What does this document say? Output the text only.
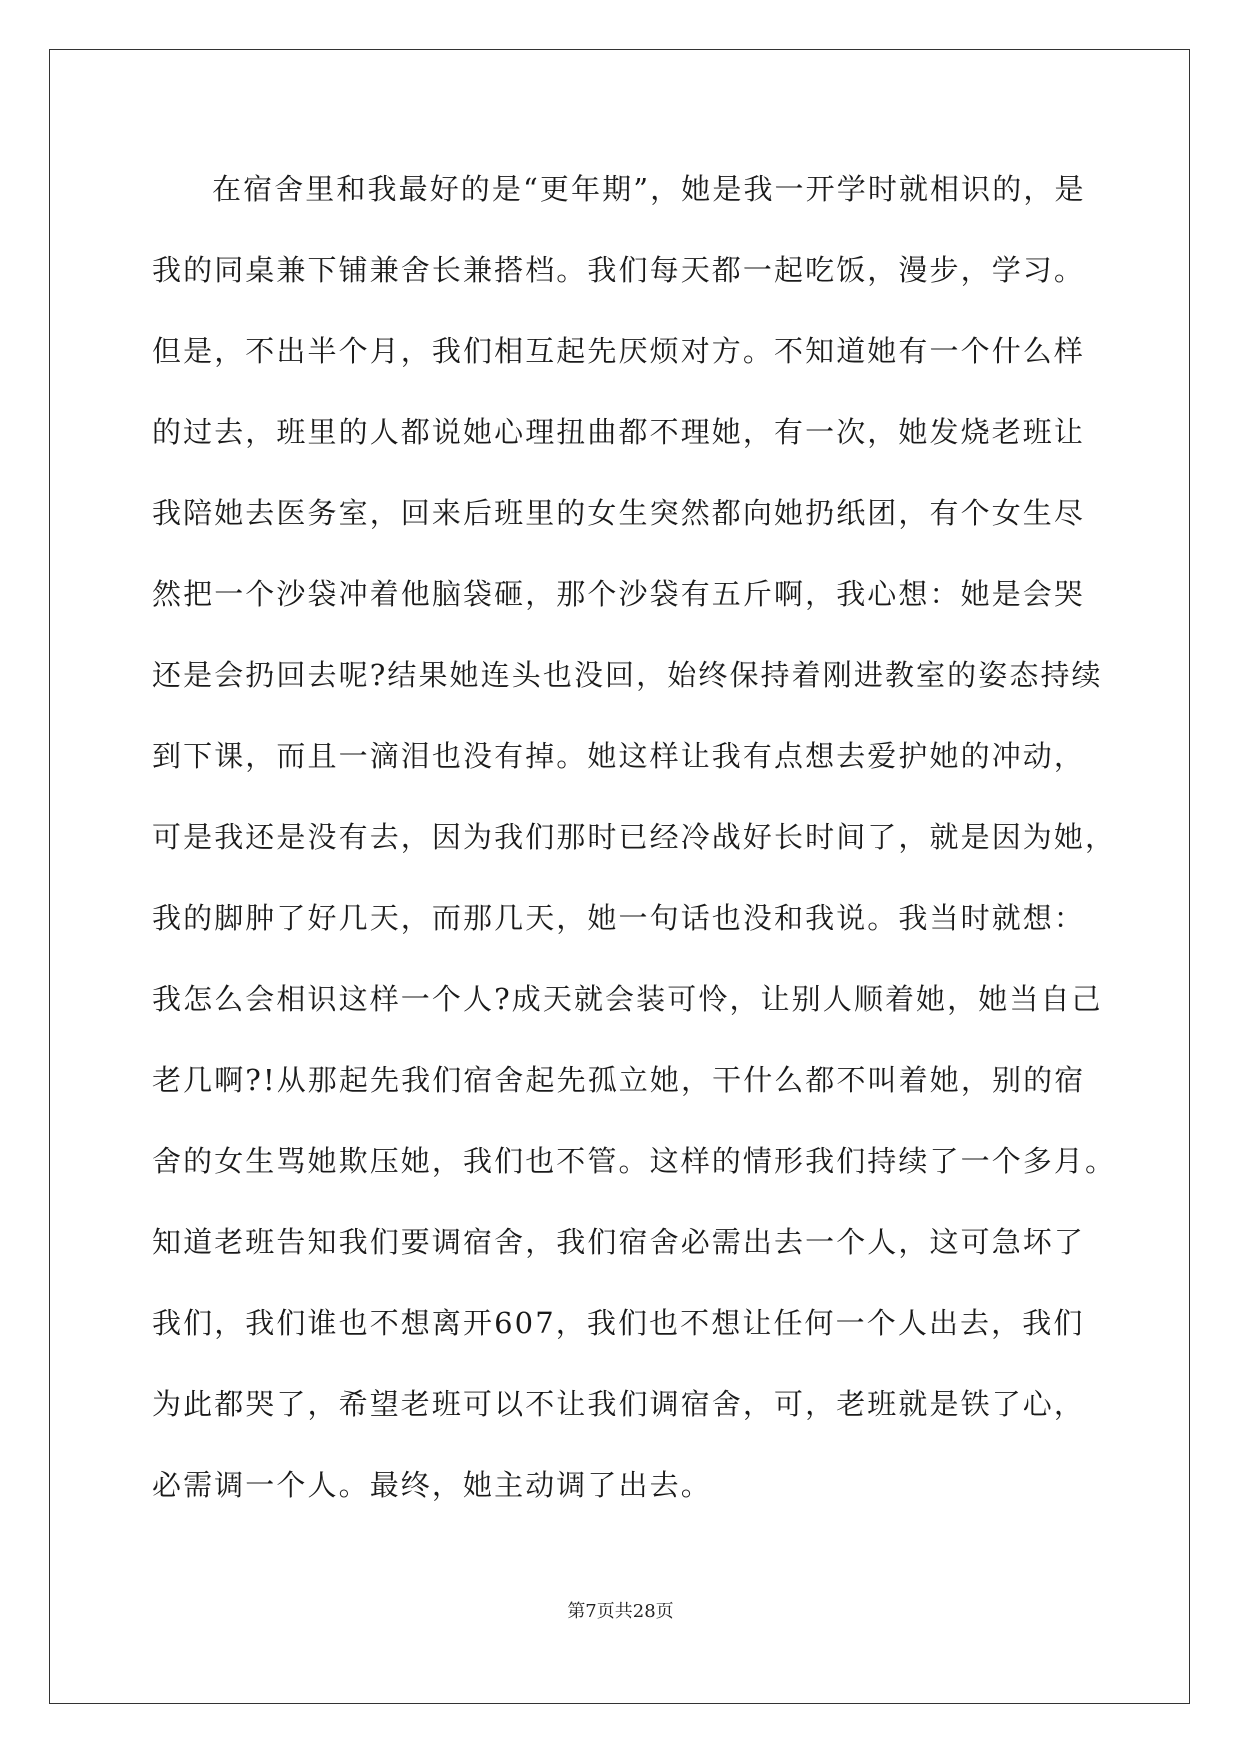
在宿舍里和我最好的是“更年期”，她是我一开学时就相识的，是
我的同桌兼下铺兼舍长兼搭档。我们每天都一起吃饭，漫步，学习。
但是，不出半个月，我们相互起先厌烦对方。不知道她有一个什么样
的过去，班里的人都说她心理扭曲都不理她，有一次，她发烧老班让
我陪她去医务室，回来后班里的女生突然都向她扔纸团，有个女生尽
然把一个沙袋冲着他脑袋砸，那个沙袋有五斤啊，我心想：她是会哭
还是会扔回去呢?结果她连头也没回，始终保持着刚进教室的姿态持续
到下课，而且一滴泪也没有掉。她这样让我有点想去爱护她的冲动，
可是我还是没有去，因为我们那时已经冷战好长时间了，就是因为她，
我的脚肿了好几天，而那几天，她一句话也没和我说。我当时就想：
我怎么会相识这样一个人?成天就会装可怜，让别人顺着她，她当自己
老几啊?!从那起先我们宿舍起先孤立她，干什么都不叫着她，别的宿
舍的女生骂她欺压她，我们也不管。这样的情形我们持续了一个多月。
知道老班告知我们要调宿舍，我们宿舍必需出去一个人，这可急坏了
我们，我们谁也不想离开607，我们也不想让任何一个人出去，我们
为此都哭了，希望老班可以不让我们调宿舍，可，老班就是铁了心，
必需调一个人。最终，她主动调了出去。
第7页共28页
